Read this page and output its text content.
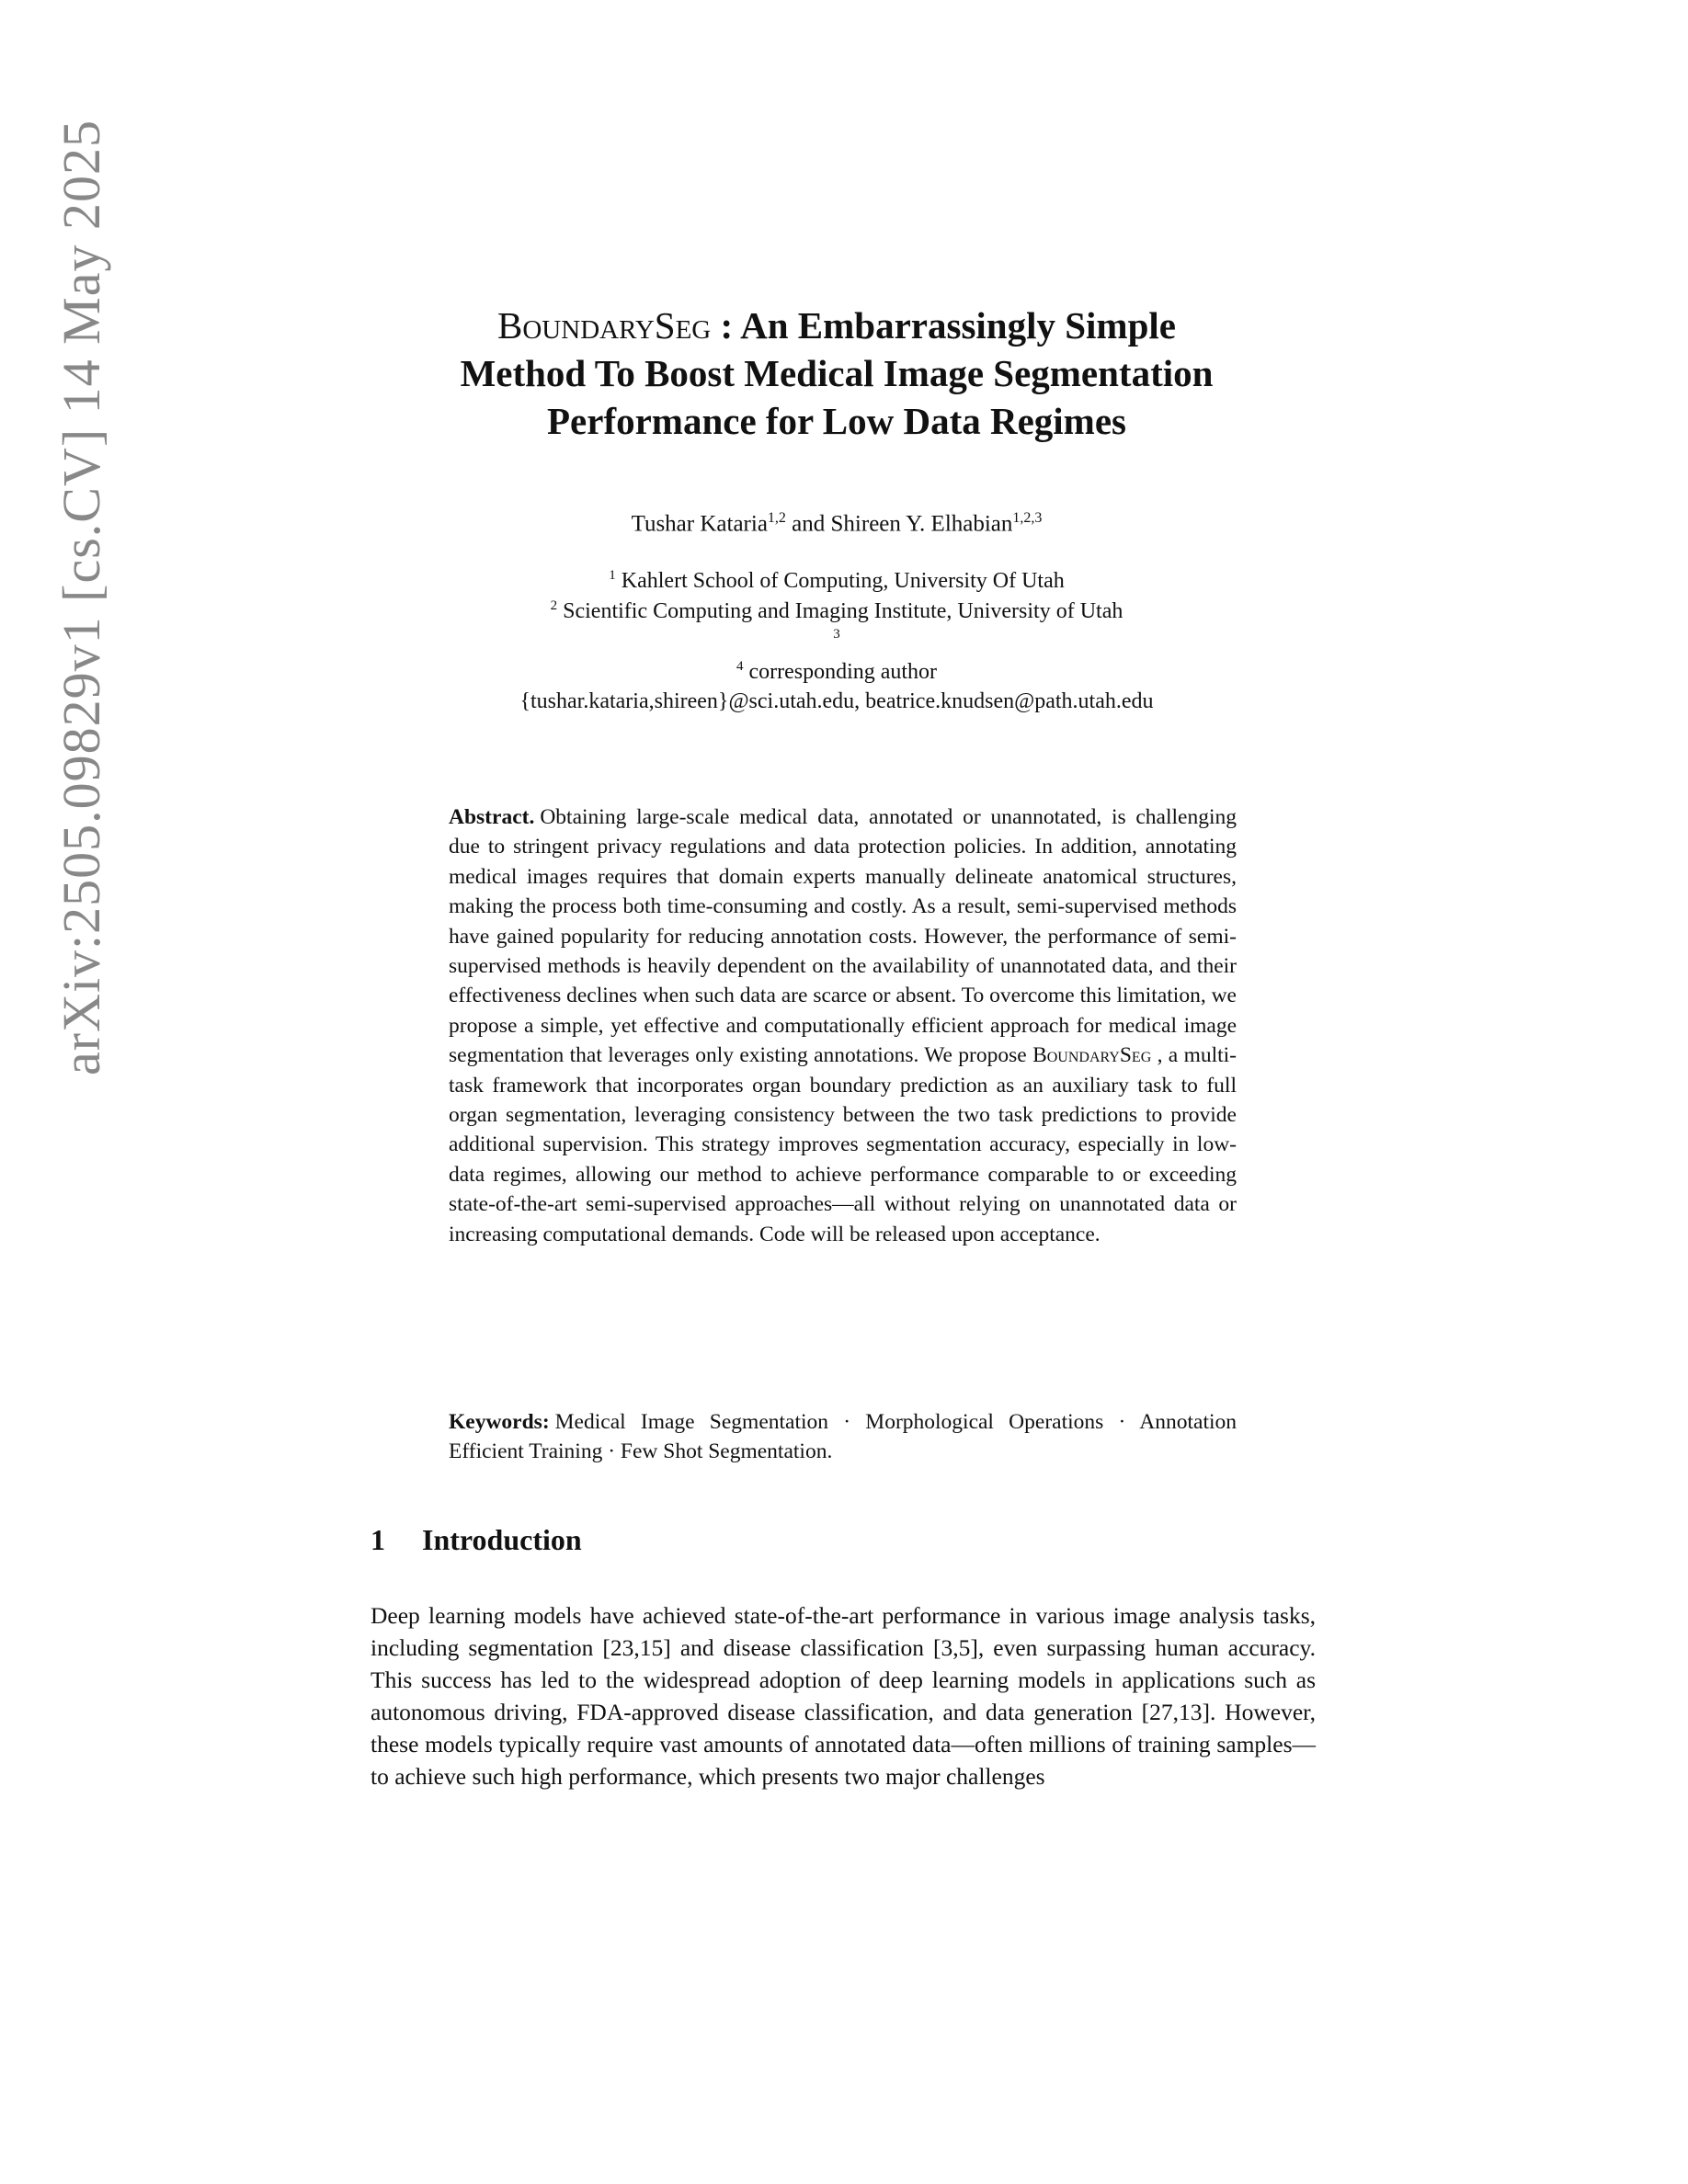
arXiv:2505.09829v1 [cs.CV] 14 May 2025	BoundarySeg : An Embarrassingly Simple
Method To Boost Medical Image Segmentation
Performance for Low Data Regimes
Tushar Kataria$^{1,2}$ and Shireen Y. Elhabian$^{1,2,3}$
$^1$ Kahlert School of Computing, University Of Utah
$^2$ Scientific Computing and Imaging Institute, University of Utah
3
$^4$ corresponding author
{tushar.kataria,shireen}@sci.utah.edu, beatrice.knudsen@path.utah.edu
Abstract. Obtaining large-scale medical data, annotated or unannotated, is challenging due to stringent privacy regulations and data protection policies. In addition, annotating medical images requires that domain experts manually delineate anatomical structures, making the process both time-consuming and costly. As a result, semi-supervised methods have gained popularity for reducing annotation costs. However, the performance of semi-supervised methods is heavily dependent on the availability of unannotated data, and their effectiveness declines when such data are scarce or absent. To overcome this limitation, we propose a simple, yet effective and computationally efficient approach for medical image segmentation that leverages only existing annotations. We propose BoundarySeg , a multi-task framework that incorporates organ boundary prediction as an auxiliary task to full organ segmentation, leveraging consistency between the two task predictions to provide additional supervision. This strategy improves segmentation accuracy, especially in low-data regimes, allowing our method to achieve performance comparable to or exceeding state-of-the-art semi-supervised approaches—all without relying on unannotated data or increasing computational demands. Code will be released upon acceptance.
Keywords: Medical Image Segmentation · Morphological Operations · Annotation Efficient Training · Few Shot Segmentation.
1 Introduction
Deep learning models have achieved state-of-the-art performance in various image analysis tasks, including segmentation [23,15] and disease classification [3,5], even surpassing human accuracy. This success has led to the widespread adoption of deep learning models in applications such as autonomous driving, FDA-approved disease classification, and data generation [27,13]. However, these models typically require vast amounts of annotated data—often millions of training samples—to achieve such high performance, which presents two major challenges
